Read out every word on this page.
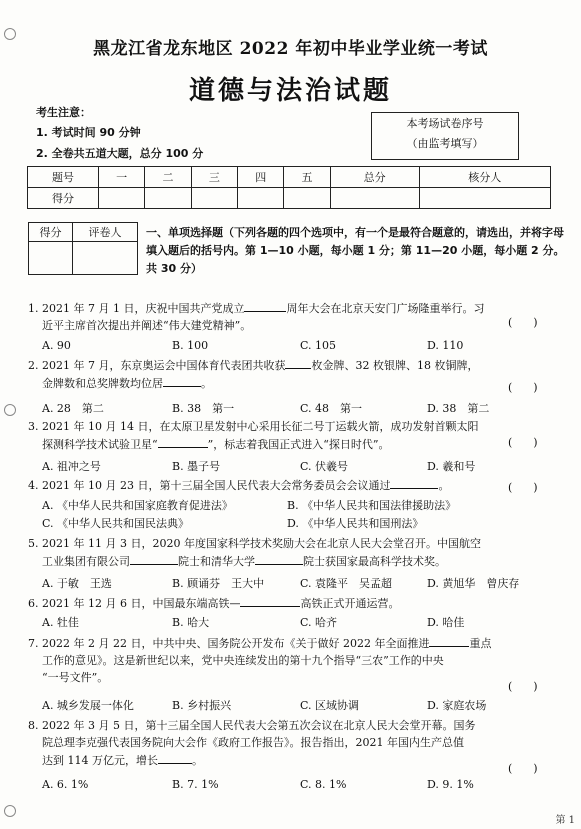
黑龙江省龙东地区 2022 年初中毕业学业统一考试
道德与法治试题
考生注意：
1. 考试时间 90 分钟
2. 全卷共五道大题，总分 100 分
本考场试卷序号
（由监考填写）
题号	一	二	三	四	五	总分	核分人
得分							
得分	评卷人
	一、单项选择题（下列各题的四个选项中，有一个是最符合题意的，请选出，并将字母填入题后的括号内。第 1—10 小题，每小题 1 分；第 11—20 小题，每小题 2 分。共 30 分）
1. 2021 年 7 月 1 日，庆祝中国共产党成立	周年大会在北京天安门广场隆重举行。习
近平主席首次提出并阐述“伟大建党精神”。	(      )
A. 90	B. 100	C. 105	D. 110
2. 2021 年 7 月，东京奥运会中国体育代表团共收获 枚金牌、32 枚银牌、18 枚铜牌，
金牌数和总奖牌数均位居	。	(      )
A. 28　第二	B. 38　第一	C. 48　第一	D. 38　第二
3. 2021 年 10 月 14 日，在太原卫星发射中心采用长征二号丁运载火箭，成功发射首颗太阳
探测科学技术试验卫星“	”，标志着我国正式进入“探日时代”。	(      )
A. 祖冲之号	B. 墨子号	C. 伏羲号	D. 羲和号
4. 2021 年 10 月 23 日，第十三届全国人民代表大会常务委员会会议通过	。	(      )
A. 《中华人民共和国家庭教育促进法》	B. 《中华人民共和国法律援助法》
C. 《中华人民共和国民法典》	D. 《中华人民共和国刑法》
5. 2021 年 11 月 3 日，2020 年度国家科学技术奖励大会在北京人民大会堂召开。中国航空
工业集团有限公司	院士和清华大学	院士获国家最高科学技术奖。
A. 于敏　王选	B. 顾诵芬　王大中	C. 袁隆平　吴孟超	D. 黄旭华　曾庆存
6. 2021 年 12 月 6 日，中国最东端高铁—	高铁正式开通运营。
A. 牡佳	B. 哈大	C. 哈齐	D. 哈佳
7. 2022 年 2 月 22 日，中共中央、国务院公开发布《关于做好 2022 年全面推进	重点
工作的意见》。这是新世纪以来，党中央连续发出的第十九个指导“三农”工作的中央
“一号文件”。
(      )
A. 城乡发展一体化	B. 乡村振兴	C. 区域协调	D. 家庭农场
8. 2022 年 3 月 5 日，第十三届全国人民代表大会第五次会议在北京人民大会堂开幕。国务
院总理李克强代表国务院向大会作《政府工作报告》。报告指出，2021 年国内生产总值
达到 114 万亿元，增长	。
(      )
A. 6. 1%	B. 7. 1%	C. 8. 1%	D. 9. 1%
第 1
